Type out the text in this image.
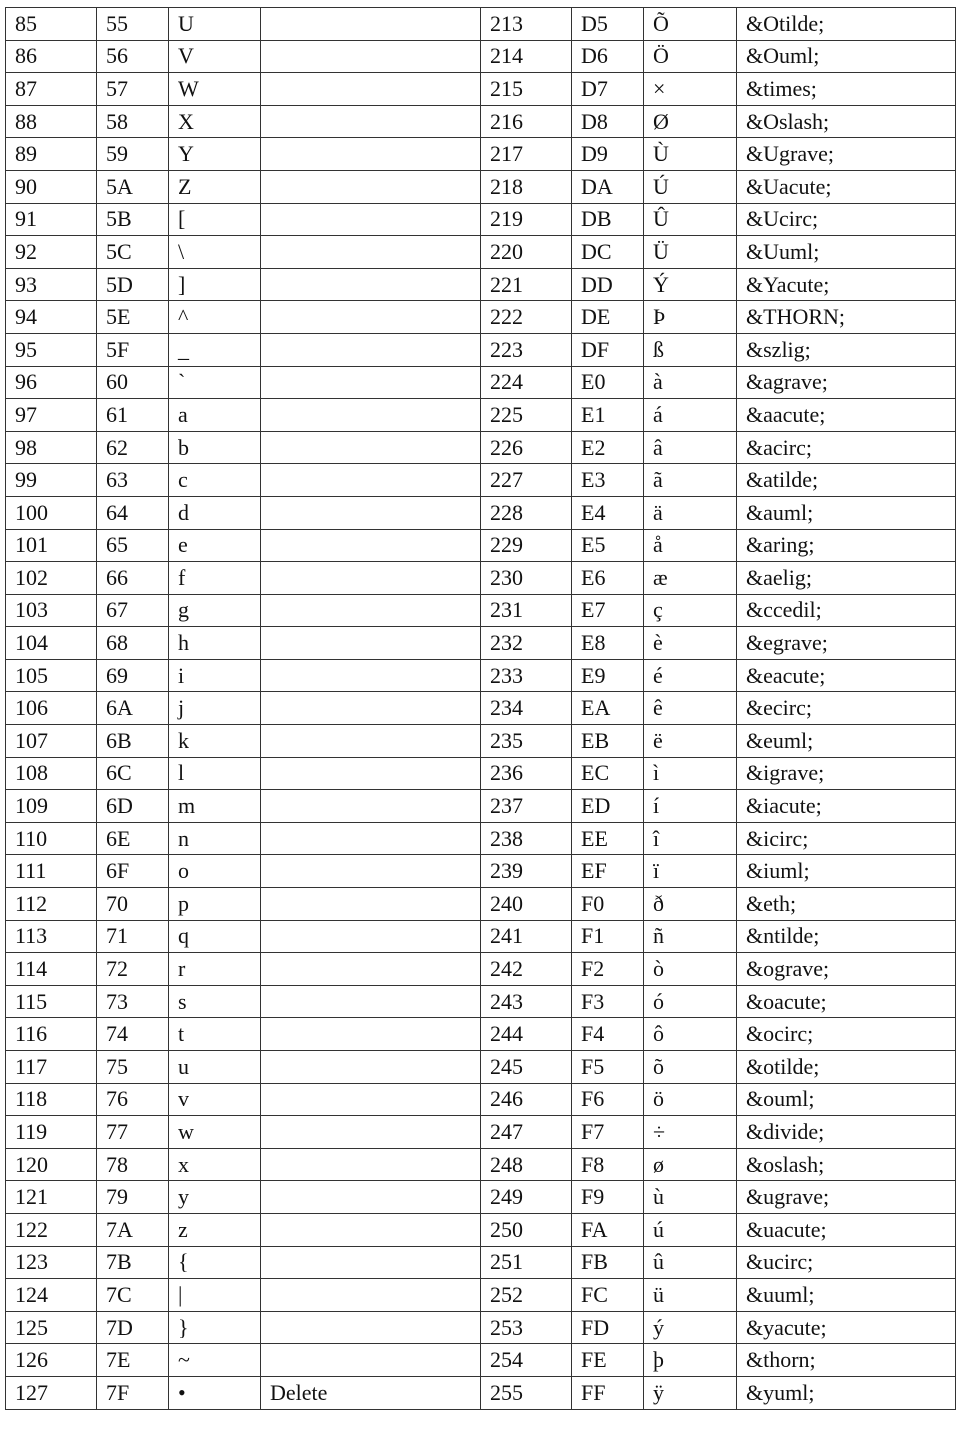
85	55	U		213	D5	Õ	&Otilde;
86	56	V		214	D6	Ö	&Ouml;
87	57	W		215	D7	×	&times;
88	58	X		216	D8	Ø	&Oslash;
89	59	Y		217	D9	Ù	&Ugrave;
90	5A	Z		218	DA	Ú	&Uacute;
91	5B	[		219	DB	Û	&Ucirc;
92	5C	\		220	DC	Ü	&Uuml;
93	5D	]		221	DD	Ý	&Yacute;
94	5E	^		222	DE	Þ	&THORN;
95	5F	_		223	DF	ß	&szlig;
96	60	`		224	E0	à	&agrave;
97	61	a		225	E1	á	&aacute;
98	62	b		226	E2	â	&acirc;
99	63	c		227	E3	ã	&atilde;
100	64	d		228	E4	ä	&auml;
101	65	e		229	E5	å	&aring;
102	66	f		230	E6	æ	&aelig;
103	67	g		231	E7	ç	&ccedil;
104	68	h		232	E8	è	&egrave;
105	69	i		233	E9	é	&eacute;
106	6A	j		234	EA	ê	&ecirc;
107	6B	k		235	EB	ë	&euml;
108	6C	l		236	EC	ì	&igrave;
109	6D	m		237	ED	í	&iacute;
110	6E	n		238	EE	î	&icirc;
111	6F	o		239	EF	ï	&iuml;
112	70	p		240	F0	ð	&eth;
113	71	q		241	F1	ñ	&ntilde;
114	72	r		242	F2	ò	&ograve;
115	73	s		243	F3	ó	&oacute;
116	74	t		244	F4	ô	&ocirc;
117	75	u		245	F5	õ	&otilde;
118	76	v		246	F6	ö	&ouml;
119	77	w		247	F7	÷	&divide;
120	78	x		248	F8	ø	&oslash;
121	79	y		249	F9	ù	&ugrave;
122	7A	z		250	FA	ú	&uacute;
123	7B	{		251	FB	û	&ucirc;
124	7C	|		252	FC	ü	&uuml;
125	7D	}		253	FD	ý	&yacute;
126	7E	~		254	FE	þ	&thorn;
127	7F	•	Delete	255	FF	ÿ	&yuml;
